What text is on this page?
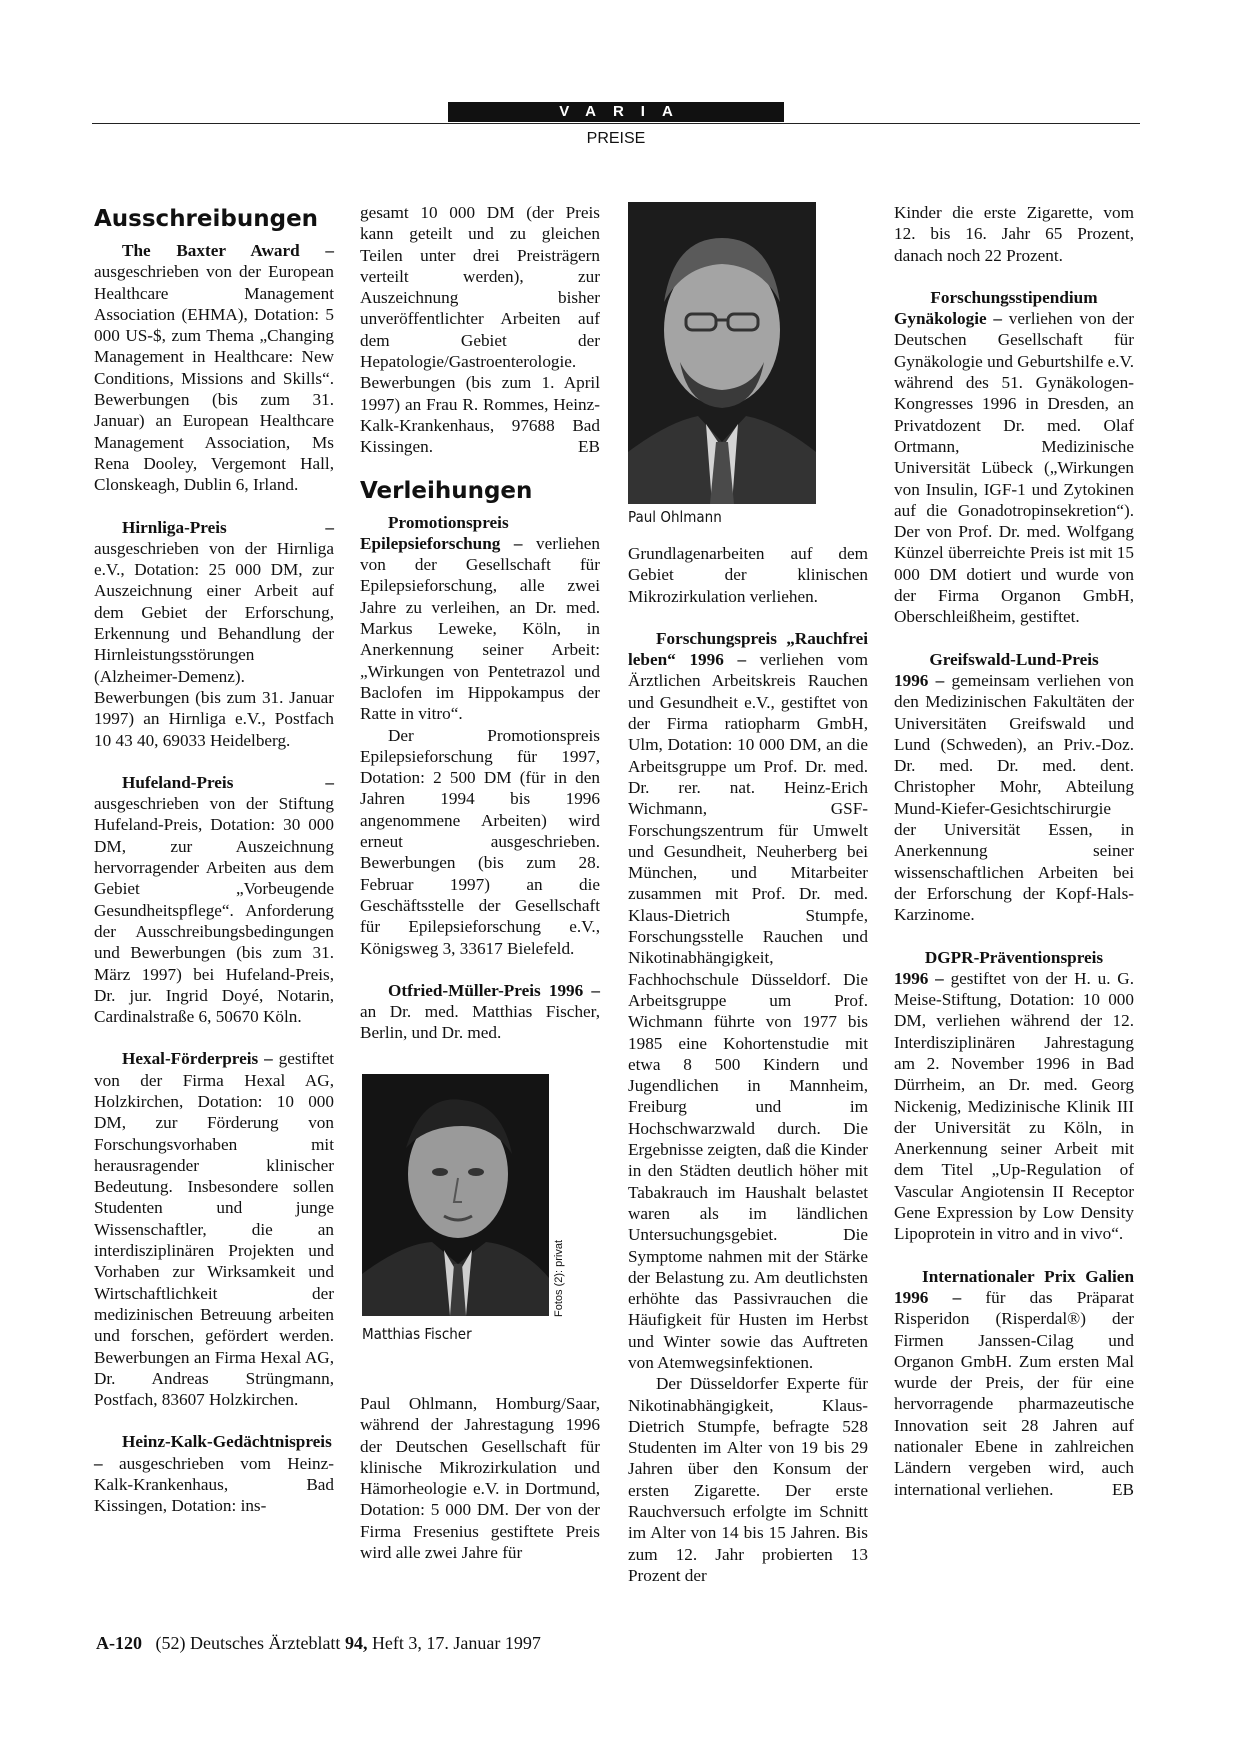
VARIA
PREISE
Ausschreibungen

The Baxter Award – ausgeschrieben von der European Healthcare Management Association (EHMA), Dotation: 5 000 US-$, zum Thema „Changing Management in Healthcare: New Conditions, Missions and Skills“. Bewerbungen (bis zum 31. Januar) an European Healthcare Management Association, Ms Rena Dooley, Vergemont Hall, Clonskeagh, Dublin 6, Irland.

Hirnliga-Preis – ausgeschrieben von der Hirnliga e.V., Dotation: 25 000 DM, zur Auszeichnung einer Arbeit auf dem Gebiet der Erforschung, Erkennung und Behandlung der Hirnleistungsstörungen (Alzheimer-Demenz). Bewerbungen (bis zum 31. Januar 1997) an Hirnliga e.V., Postfach 10 43 40, 69033 Heidelberg.

Hufeland-Preis – ausgeschrieben von der Stiftung Hufeland-Preis, Dotation: 30 000 DM, zur Auszeichnung hervorragender Arbeiten aus dem Gebiet „Vorbeugende Gesundheitspflege“. Anforderung der Ausschreibungsbedingungen und Bewerbungen (bis zum 31. März 1997) bei Hufeland-Preis, Dr. jur. Ingrid Doyé, Notarin, Cardinalstraße 6, 50670 Köln.

Hexal-Förderpreis – gestiftet von der Firma Hexal AG, Holzkirchen, Dotation: 10 000 DM, zur Förderung von Forschungsvorhaben mit herausragender klinischer Bedeutung. Insbesondere sollen Studenten und junge Wissenschaftler, die an interdisziplinären Projekten und Vorhaben zur Wirksamkeit und Wirtschaftlichkeit der medizinischen Betreuung arbeiten und forschen, gefördert werden. Bewerbungen an Firma Hexal AG, Dr. Andreas Strüngmann, Postfach, 83607 Holzkirchen.

Heinz-Kalk-Gedächtnispreis – ausgeschrieben vom Heinz-Kalk-Krankenhaus, Bad Kissingen, Dotation: ins-

gesamt 10 000 DM (der Preis kann geteilt und zu gleichen Teilen unter drei Preisträgern verteilt werden), zur Auszeichnung bisher unveröffentlichter Arbeiten auf dem Gebiet der Hepatologie/Gastroenterologie. Bewerbungen (bis zum 1. April 1997) an Frau R. Rommes, Heinz-Kalk-Krankenhaus, 97688 Bad Kissingen.	EB

Verleihungen

Promotionspreis Epilepsieforschung – verliehen von der Gesellschaft für Epilepsieforschung, alle zwei Jahre zu verleihen, an Dr. med. Markus Leweke, Köln, in Anerkennung seiner Arbeit: „Wirkungen von Pentetrazol und Baclofen im Hippokampus der Ratte in vitro“.

Der Promotionspreis Epilepsieforschung für 1997, Dotation: 2 500 DM (für in den Jahren 1994 bis 1996 angenommene Arbeiten) wird erneut ausgeschrieben. Bewerbungen (bis zum 28. Februar 1997) an die Geschäftsstelle der Gesellschaft für Epilepsieforschung e.V., Königsweg 3, 33617 Bielefeld.

Otfried-Müller-Preis 1996 – an Dr. med. Matthias Fischer, Berlin, und Dr. med.

Matthias Fischer
Fotos (2): privat

Paul Ohlmann, Homburg/Saar, während der Jahrestagung 1996 der Deutschen Gesellschaft für klinische Mikrozirkulation und Hämorheologie e.V. in Dortmund, Dotation: 5 000 DM. Der von der Firma Fresenius gestiftete Preis wird alle zwei Jahre für

Paul Ohlmann

Grundlagenarbeiten auf dem Gebiet der klinischen Mikrozirkulation verliehen.

Forschungspreis „Rauchfrei leben“ 1996 – verliehen vom Ärztlichen Arbeitskreis Rauchen und Gesundheit e.V., gestiftet von der Firma ratiopharm GmbH, Ulm, Dotation: 10 000 DM, an die Arbeitsgruppe um Prof. Dr. med. Dr. rer. nat. Heinz-Erich Wichmann, GSF-Forschungszentrum für Umwelt und Gesundheit, Neuherberg bei München, und Mitarbeiter zusammen mit Prof. Dr. med. Klaus-Dietrich Stumpfe, Forschungsstelle Rauchen und Nikotinabhängigkeit, Fachhochschule Düsseldorf. Die Arbeitsgruppe um Prof. Wichmann führte von 1977 bis 1985 eine Kohortenstudie mit etwa 8 500 Kindern und Jugendlichen in Mannheim, Freiburg und im Hochschwarzwald durch. Die Ergebnisse zeigten, daß die Kinder in den Städten deutlich höher mit Tabakrauch im Haushalt belastet waren als im ländlichen Untersuchungsgebiet. Die Symptome nahmen mit der Stärke der Belastung zu. Am deutlichsten erhöhte das Passivrauchen die Häufigkeit für Husten im Herbst und Winter sowie das Auftreten von Atemwegsinfektionen.

Der Düsseldorfer Experte für Nikotinabhängigkeit, Klaus-Dietrich Stumpfe, befragte 528 Studenten im Alter von 19 bis 29 Jahren über den Konsum der ersten Zigarette. Der erste Rauchversuch erfolgte im Schnitt im Alter von 14 bis 15 Jahren. Bis zum 12. Jahr probierten 13 Prozent der

Kinder die erste Zigarette, vom 12. bis 16. Jahr 65 Prozent, danach noch 22 Prozent.

Forschungsstipendium

Gynäkologie – verliehen von der Deutschen Gesellschaft für Gynäkologie und Geburtshilfe e.V. während des 51. Gynäkologen-Kongresses 1996 in Dresden, an Privatdozent Dr. med. Olaf Ortmann, Medizinische Universität Lübeck („Wirkungen von Insulin, IGF-1 und Zytokinen auf die Gonadotropinsekretion“). Der von Prof. Dr. med. Wolfgang Künzel überreichte Preis ist mit 15 000 DM dotiert und wurde von der Firma Organon GmbH, Oberschleißheim, gestiftet.

Greifswald-Lund-Preis

1996 – gemeinsam verliehen von den Medizinischen Fakultäten der Universitäten Greifswald und Lund (Schweden), an Priv.-Doz. Dr. med. Dr. med. dent. Christopher Mohr, Abteilung Mund-Kiefer-Gesichtschirurgie der Universität Essen, in Anerkennung seiner wissenschaftlichen Arbeiten bei der Erforschung der Kopf-Hals-Karzinome.

DGPR-Präventionspreis

1996 – gestiftet von der H. u. G. Meise-Stiftung, Dotation: 10 000 DM, verliehen während der 12. Interdisziplinären Jahrestagung am 2. November 1996 in Bad Dürrheim, an Dr. med. Georg Nickenig, Medizinische Klinik III der Universität zu Köln, in Anerkennung seiner Arbeit mit dem Titel „Up-Regulation of Vascular Angiotensin II Receptor Gene Expression by Low Density Lipoprotein in vitro and in vivo“.

Internationaler Prix Galien 1996 – für das Präparat Risperidon (Risperdal®) der Firmen Janssen-Cilag und Organon GmbH. Zum ersten Mal wurde der Preis, der für eine hervorragende pharmazeutische Innovation seit 28 Jahren auf nationaler Ebene in zahlreichen Ländern vergeben wird, auch international verliehen.	EB

A-120 (52) Deutsches Ärzteblatt 94, Heft 3, 17. Januar 1997
